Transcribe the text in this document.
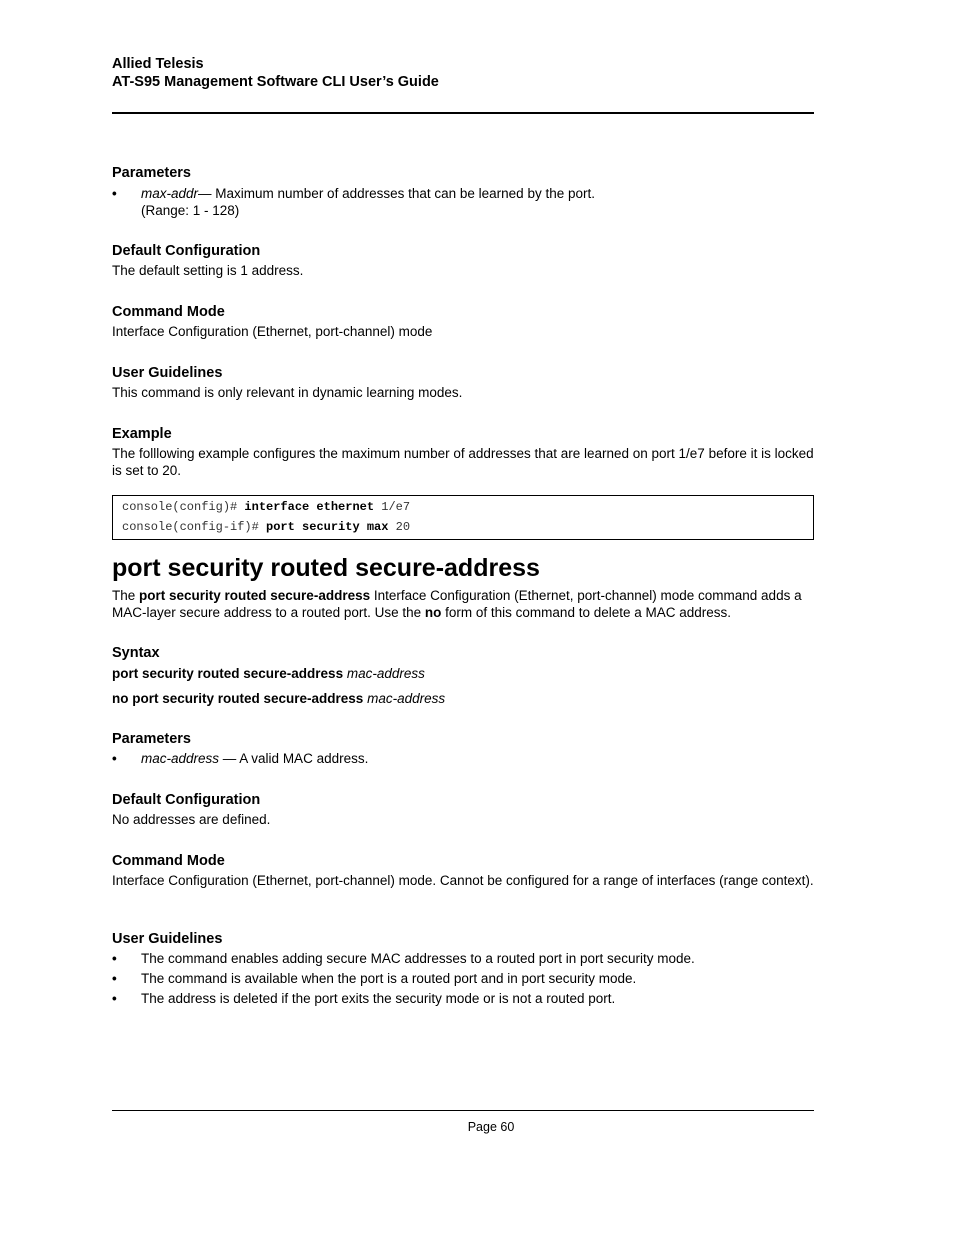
Allied Telesis
AT-S95 Management Software CLI User’s Guide
Parameters
• max-addr— Maximum number of addresses that can be learned by the port.
(Range: 1 - 128)
Default Configuration
The default setting is 1 address.
Command Mode
Interface Configuration (Ethernet, port-channel) mode
User Guidelines
This command is only relevant in dynamic learning modes.
Example
The folllowing example configures the maximum number of addresses that are learned on port 1/e7 before it is locked is set to 20.
console(config)# interface ethernet 1/e7
console(config-if)# port security max 20
port security routed secure-address
The port security routed secure-address Interface Configuration (Ethernet, port-channel) mode command adds a MAC-layer secure address to a routed port. Use the no form of this command to delete a MAC address.
Syntax
port security routed secure-address mac-address
no port security routed secure-address mac-address
Parameters
• mac-address — A valid MAC address.
Default Configuration
No addresses are defined.
Command Mode
Interface Configuration (Ethernet, port-channel) mode. Cannot be configured for a range of interfaces (range context).
User Guidelines
• The command enables adding secure MAC addresses to a routed port in port security mode.
• The command is available when the port is a routed port and in port security mode.
• The address is deleted if the port exits the security mode or is not a routed port.
Page 60
